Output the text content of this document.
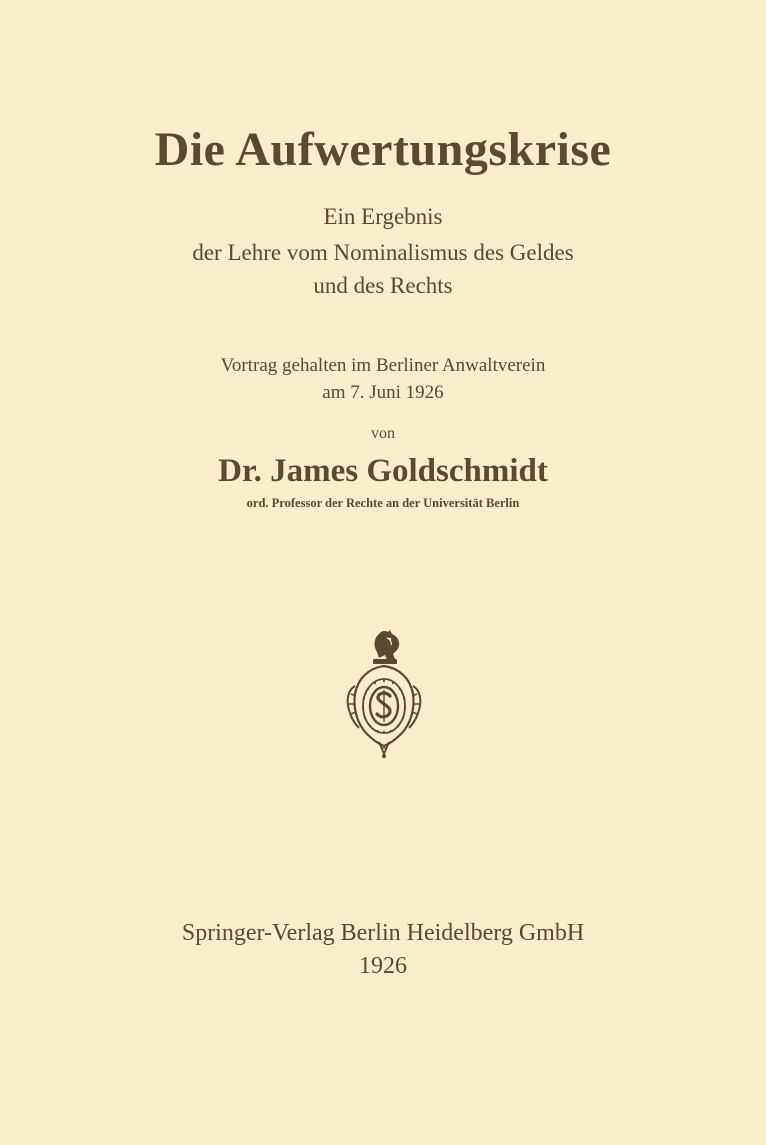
Die Aufwertungskrise
Ein Ergebnis
der Lehre vom Nominalismus des Geldes
und des Rechts
Vortrag gehalten im Berliner Anwaltverein
am 7. Juni 1926
von
Dr. James Goldschmidt
ord. Professor der Rechte an der Universität Berlin
Springer-Verlag Berlin Heidelberg GmbH
1926
